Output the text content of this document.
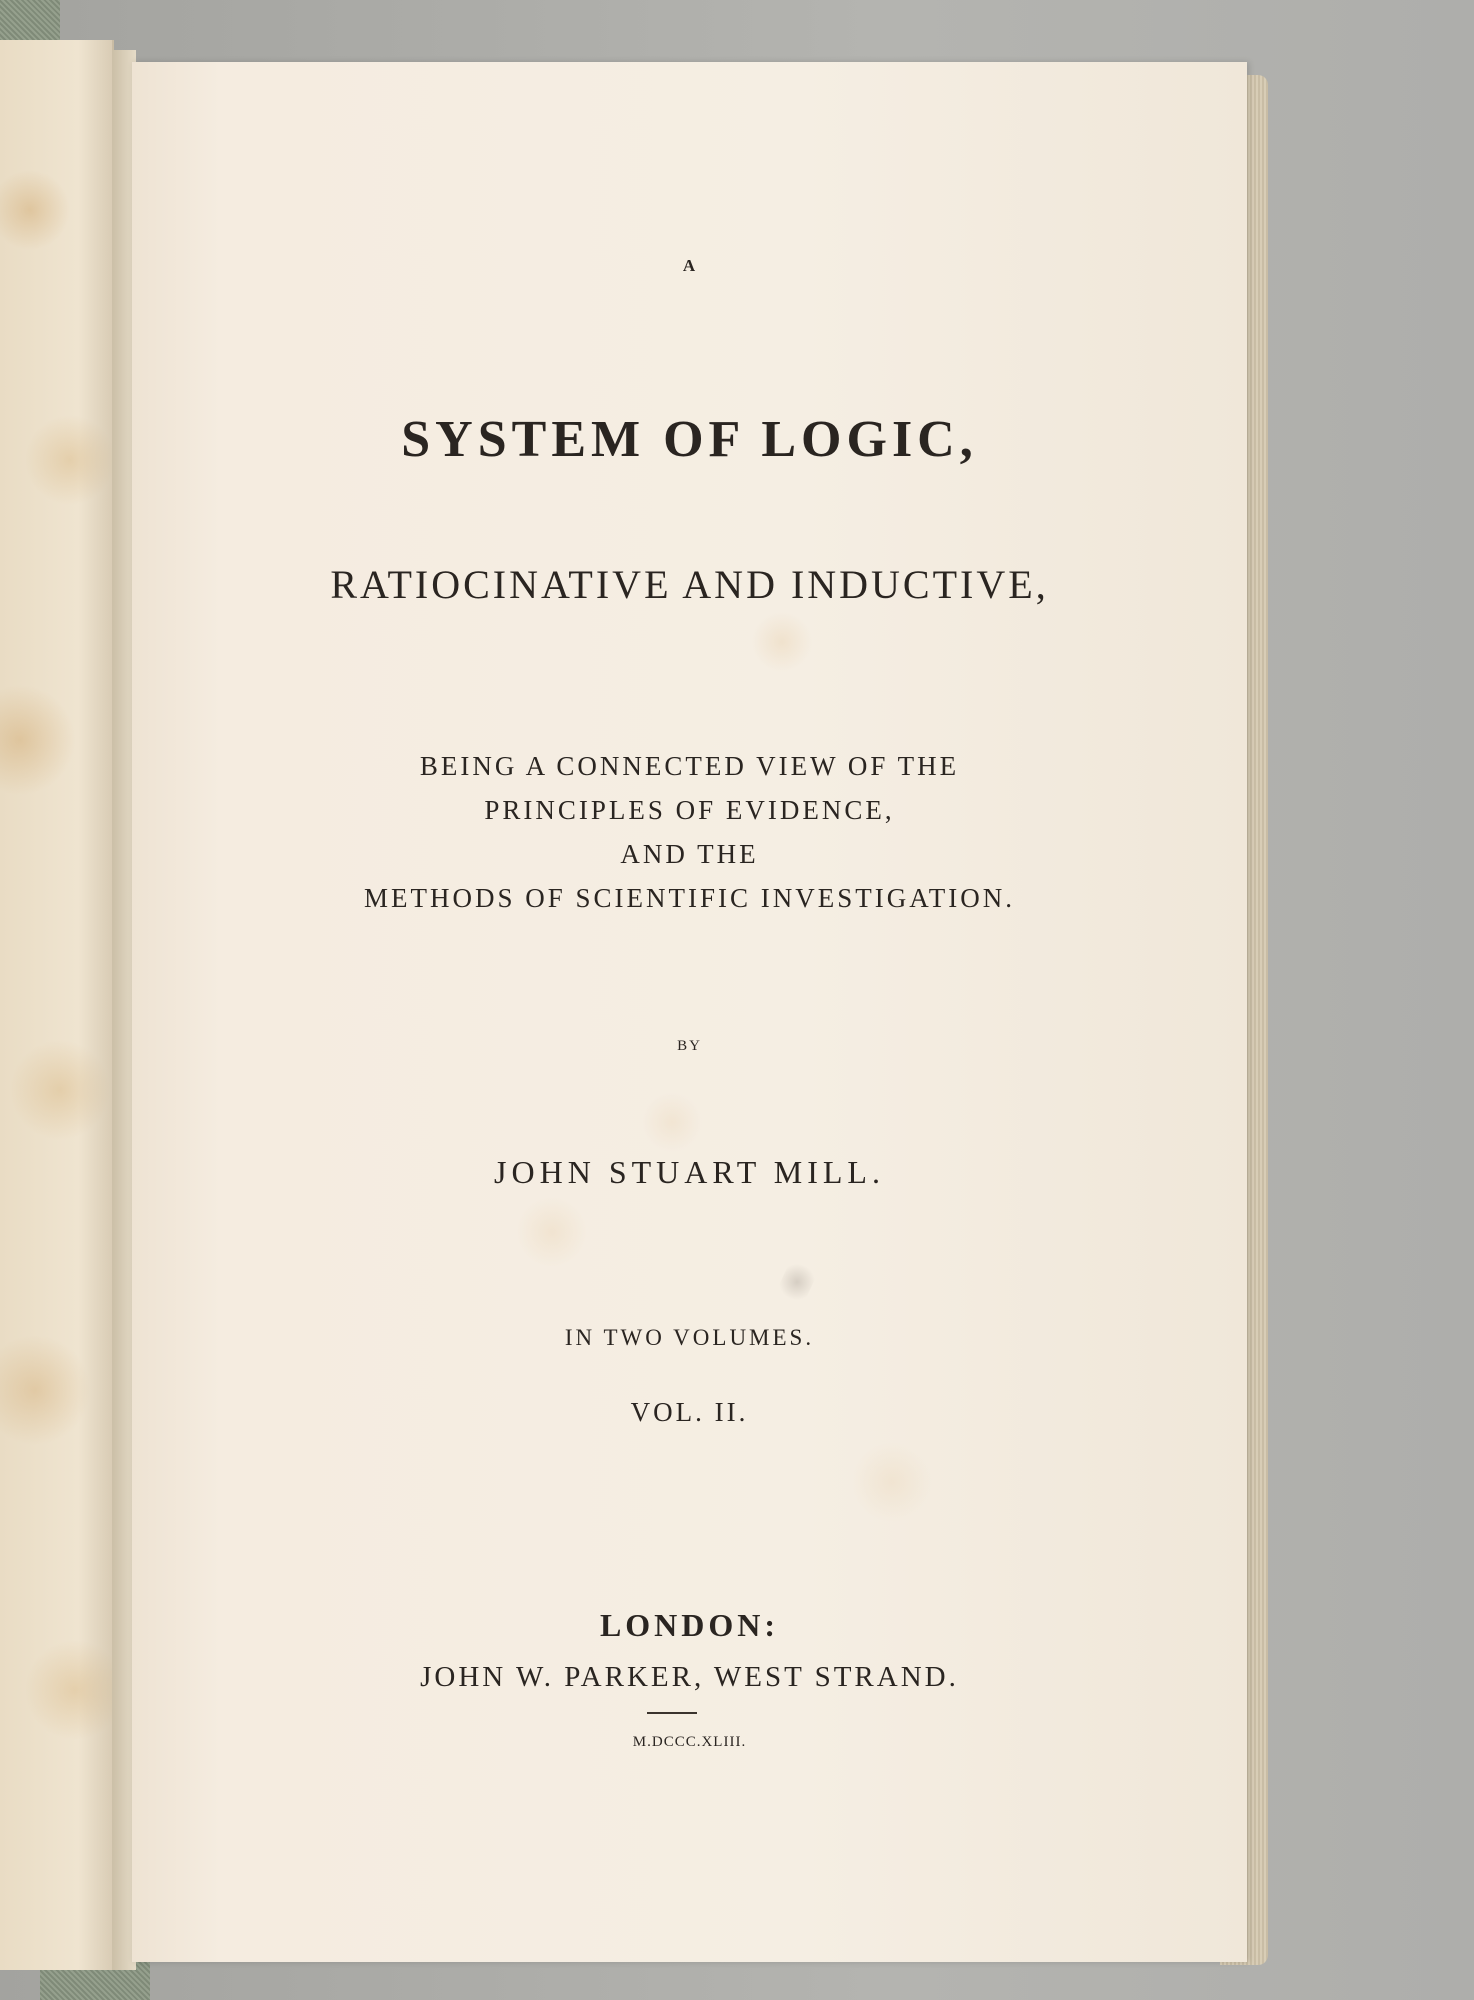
A
SYSTEM OF LOGIC,
RATIOCINATIVE AND INDUCTIVE,
BEING A CONNECTED VIEW OF THE
PRINCIPLES OF EVIDENCE,
AND THE
METHODS OF SCIENTIFIC INVESTIGATION.
BY
JOHN STUART MILL.
IN TWO VOLUMES.
VOL. II.
LONDON:
JOHN W. PARKER, WEST STRAND.
M.DCCC.XLIII.
